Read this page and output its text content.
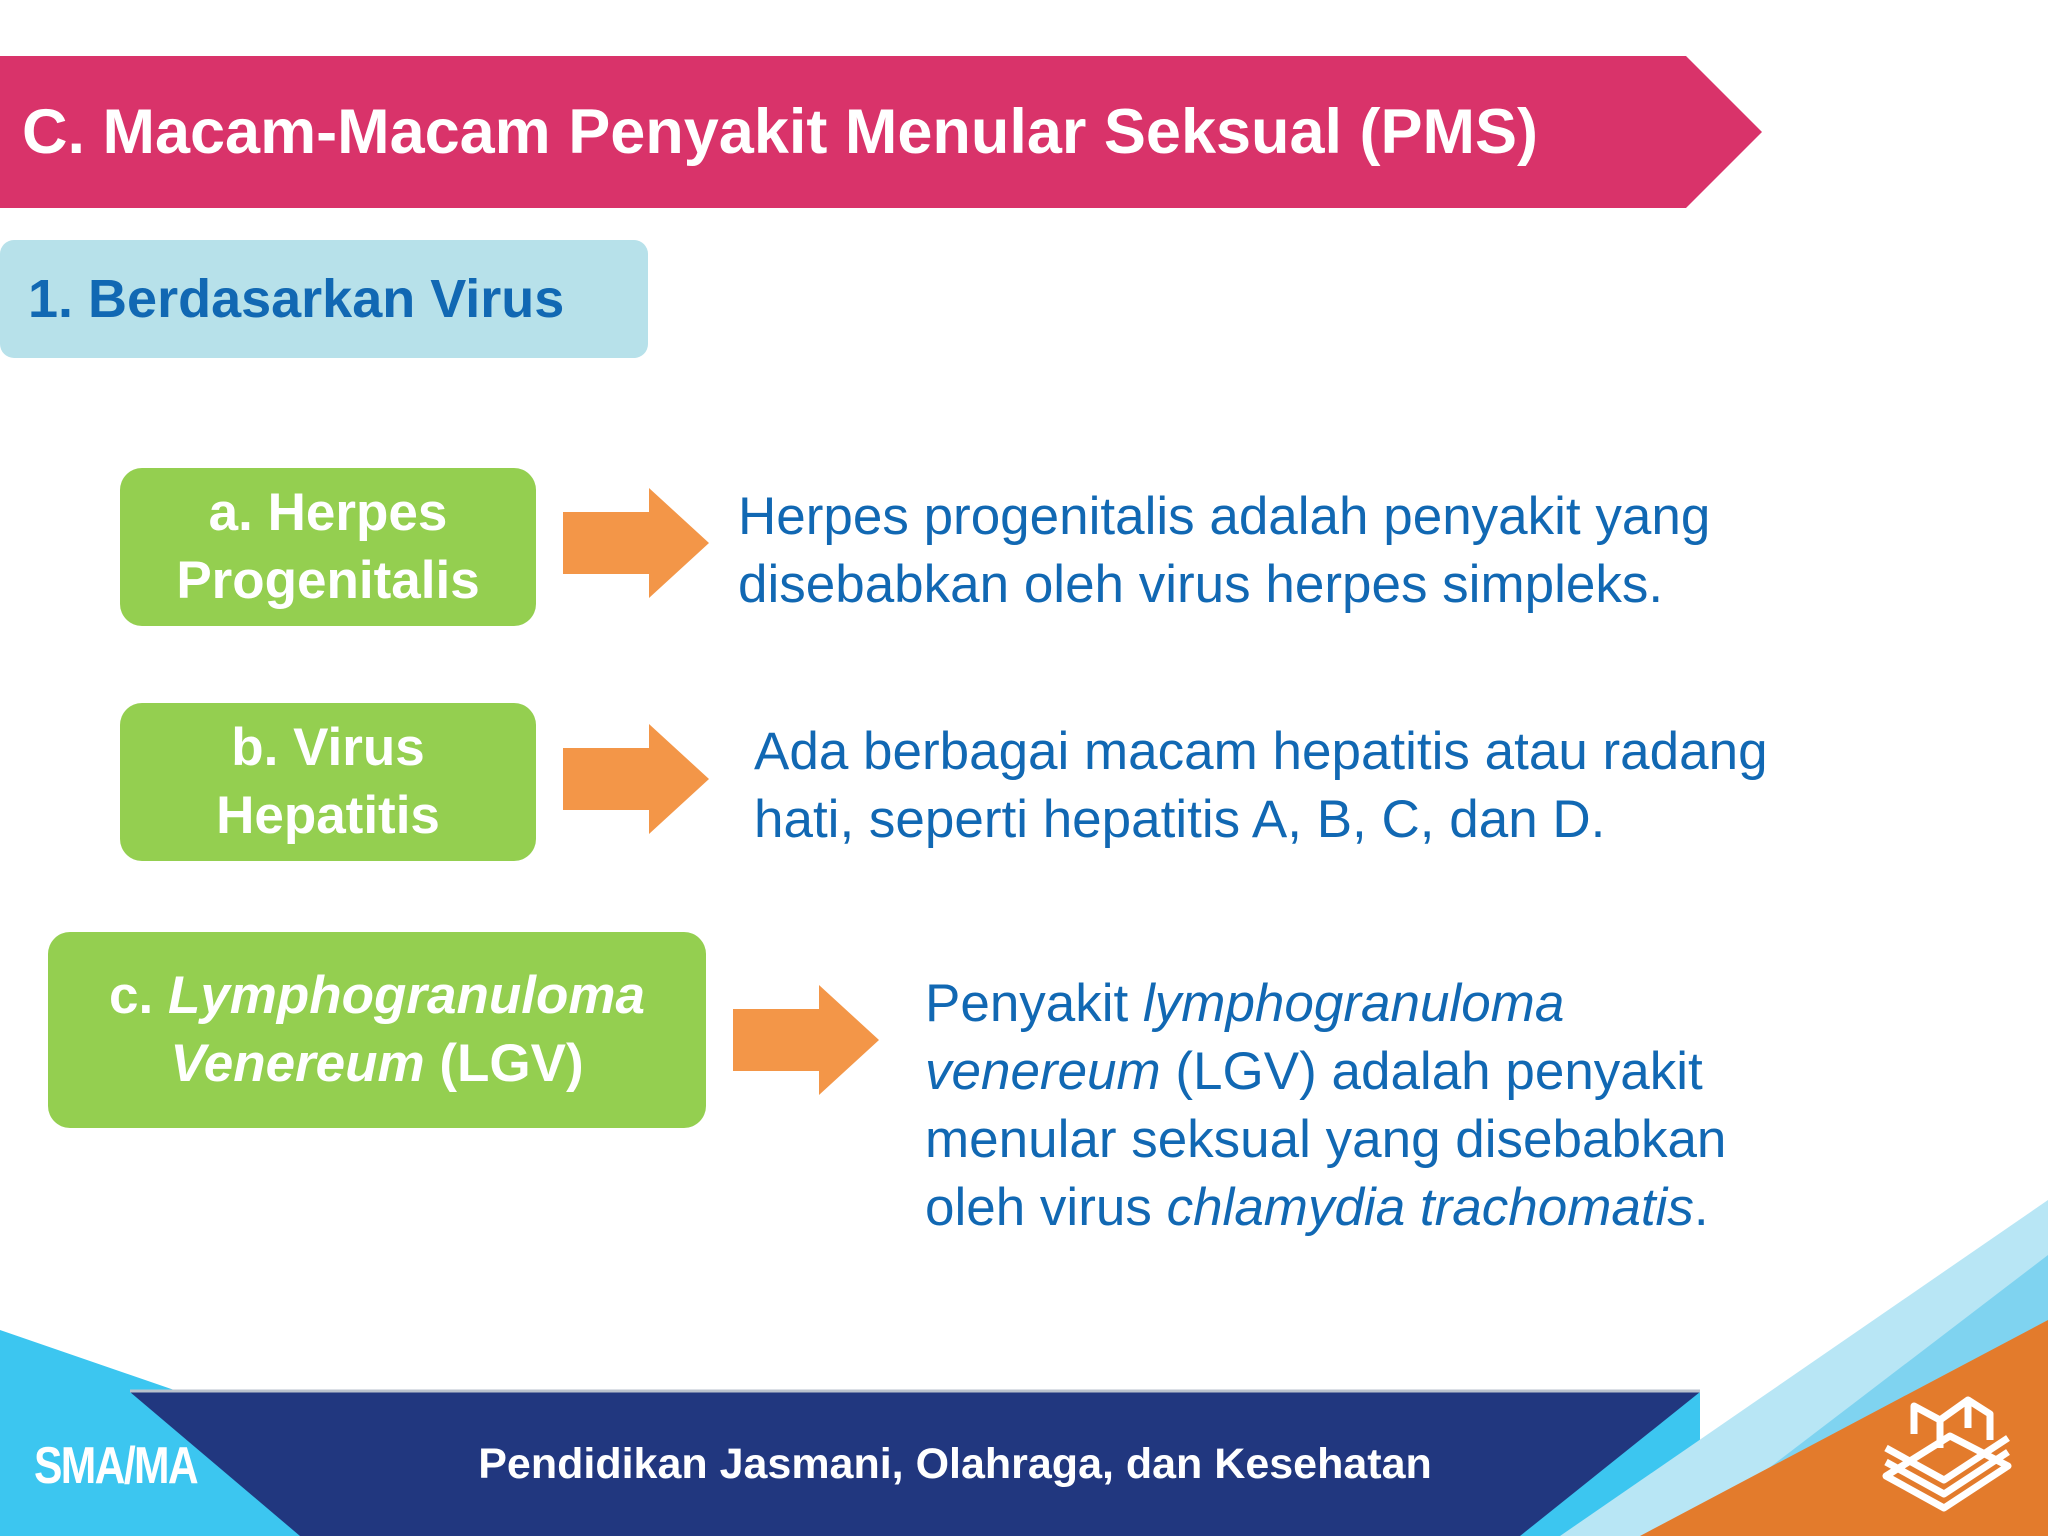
C. Macam-Macam Penyakit Menular Seksual (PMS)
1. Berdasarkan Virus
a. Herpes
Progenitalis
Herpes progenitalis adalah penyakit yang
disebabkan oleh virus herpes simpleks.
b. Virus
Hepatitis
Ada berbagai macam hepatitis atau radang
hati, seperti hepatitis A, B, C, dan D.
c. Lymphogranuloma
Venereum (LGV)
Penyakit lymphogranuloma
venereum (LGV) adalah penyakit
menular seksual yang disebabkan
oleh virus chlamydia trachomatis.
SMA/MA	Pendidikan Jasmani, Olahraga, dan Kesehatan
